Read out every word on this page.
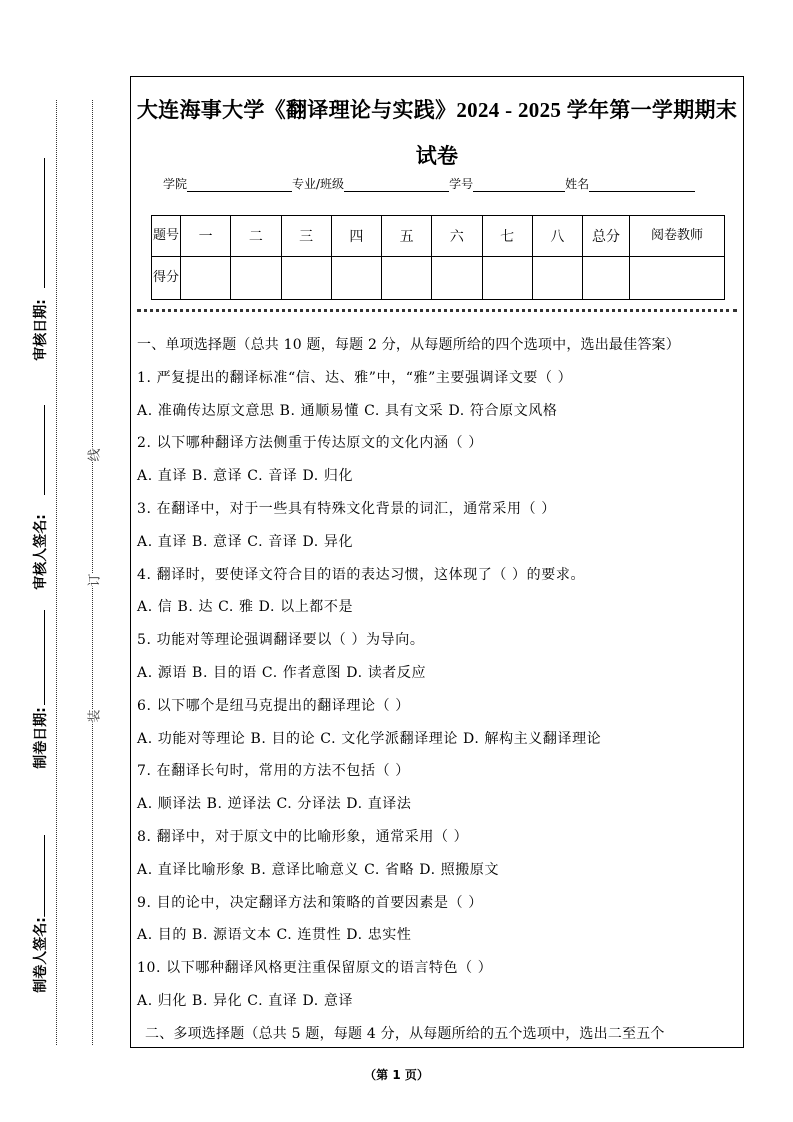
审核日期:
审核人签名:
制卷日期:
制卷人签名:
线
订
装
大连海事大学《翻译理论与实践》2024 - 2025 学年第一学期期末
试卷
学院	专业/班级	学号	姓名
题号	一	二	三	四	五	六	七	八	总分	阅卷教师
得分										
一、单项选择题（总共 10 题，每题 2 分，从每题所给的四个选项中，选出最佳答案）
1. 严复提出的翻译标准“信、达、雅”中，“雅”主要强调译文要（ ）
A. 准确传达原文意思 B. 通顺易懂 C. 具有文采 D. 符合原文风格
2. 以下哪种翻译方法侧重于传达原文的文化内涵（ ）
A. 直译 B. 意译 C. 音译 D. 归化
3. 在翻译中，对于一些具有特殊文化背景的词汇，通常采用（ ）
A. 直译 B. 意译 C. 音译 D. 异化
4. 翻译时，要使译文符合目的语的表达习惯，这体现了（ ）的要求。
A. 信 B. 达 C. 雅 D. 以上都不是
5. 功能对等理论强调翻译要以（ ）为导向。
A. 源语 B. 目的语 C. 作者意图 D. 读者反应
6. 以下哪个是纽马克提出的翻译理论（ ）
A. 功能对等理论 B. 目的论 C. 文化学派翻译理论 D. 解构主义翻译理论
7. 在翻译长句时，常用的方法不包括（ ）
A. 顺译法 B. 逆译法 C. 分译法 D. 直译法
8. 翻译中，对于原文中的比喻形象，通常采用（ ）
A. 直译比喻形象 B. 意译比喻意义 C. 省略 D. 照搬原文
9. 目的论中，决定翻译方法和策略的首要因素是（ ）
A. 目的 B. 源语文本 C. 连贯性 D. 忠实性
10. 以下哪种翻译风格更注重保留原文的语言特色（ ）
A. 归化 B. 异化 C. 直译 D. 意译
二、多项选择题（总共 5 题，每题 4 分，从每题所给的五个选项中，选出二至五个
（第 1 页）
